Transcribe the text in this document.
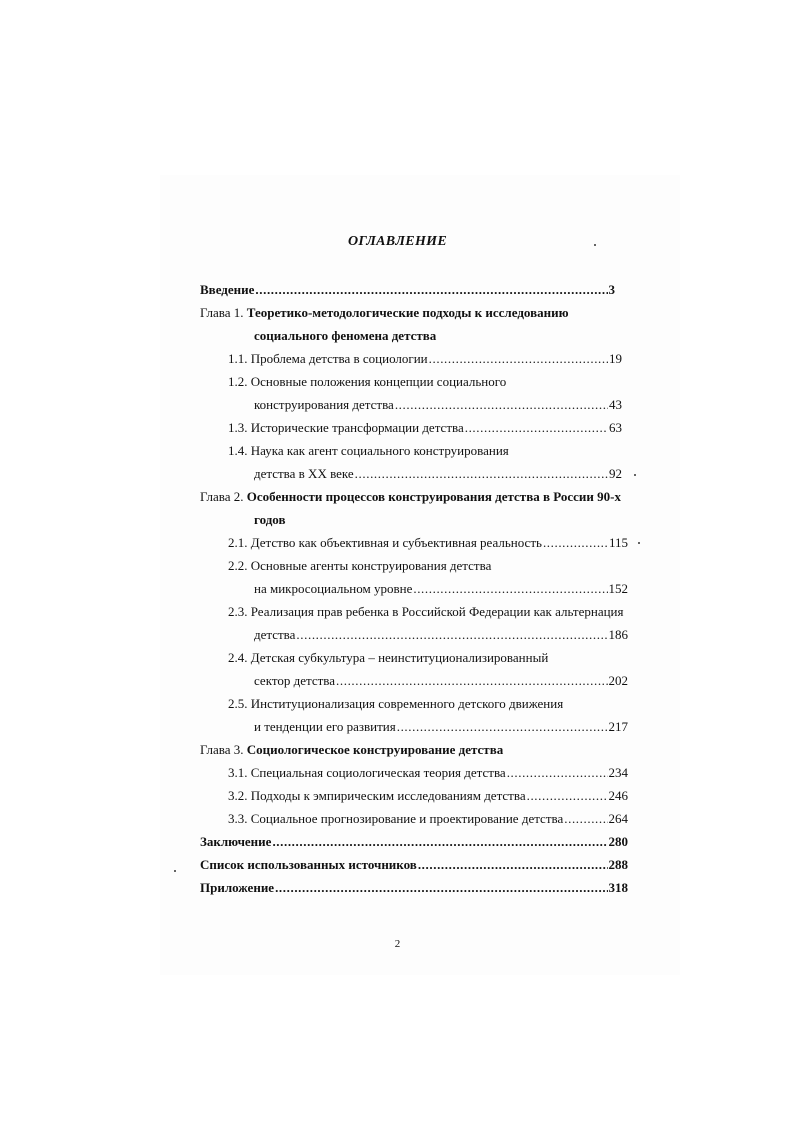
ОГЛАВЛЕНИЕ
Введение .....	3
Глава 1.
Теоретико-методологические подходы к исследованию
социального феномена детства
1.1. Проблема детства в социологии .....	19
1.2. Основные положения концепции социального
конструирования детства .....	43
1.3. Исторические трансформации детства .....	63
1.4. Наука как агент социального конструирования
детства в XX веке .....	92
Глава 2.
Особенности процессов конструирования детства в России 90-х
годов
2.1. Детство как объективная и субъективная реальность .....	115
2.2. Основные агенты конструирования детства
на микросоциальном уровне .....	152
2.3. Реализация прав ребенка в Российской Федерации как альтернация
детства .....	186
2.4. Детская субкультура – неинституционализированный
сектор детства .....	202
2.5. Институционализация современного детского движения
и тенденции его развития .....	217
Глава 3.
Социологическое конструирование детства
3.1. Специальная социологическая теория детства .....	234
3.2. Подходы к эмпирическим исследованиям детства .....	246
3.3. Социальное прогнозирование и проектирование детства .....	264
Заключение .....	280
Список использованных источников .....	288
Приложение .....	318
2
